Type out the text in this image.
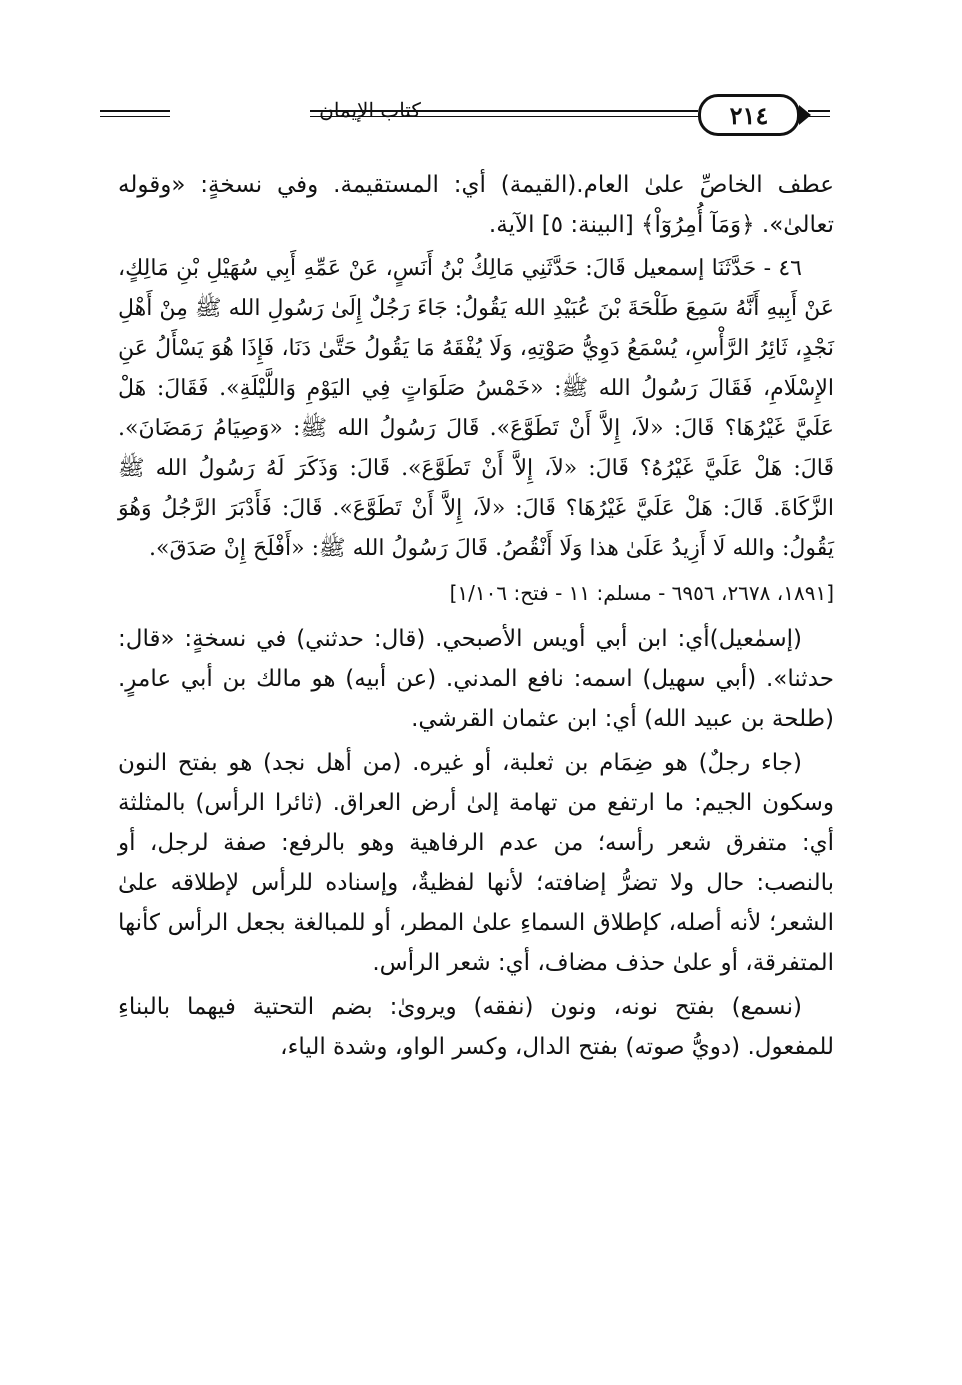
كتاب الإيمان	٢١٤

عطف الخاصِّ علىٰ العام.(القيمة) أي: المستقيمة. وفي نسخةٍ: «وقوله تعالىٰ». ﴿وَمَآ أُمِرُوٓاْ﴾ [البينة: ٥] الآية.

٤٦ - حَدَّثَنَا إسمعيل قَالَ: حَدَّثَنِي مَالِكُ بْنُ أَنَسٍ، عَنْ عَمِّهِ أَبِي سُهَيْلِ بْنِ مَالِكٍ، عَنْ أَبِيهِ أَنَّهُ سَمِعَ طَلْحَةَ بْنَ عُبَيْدِ الله يَقُولُ: جَاءَ رَجُلٌ إِلَىٰ رَسُولِ الله ﷺ مِنْ أَهْلِ نَجْدٍ، ثَائِرُ الرَّأْسِ، يُسْمَعُ دَوِيُّ صَوْتِهِ، وَلَا يُفْقَهُ مَا يَقُولُ حَتَّىٰ دَنَا، فَإِذَا هُوَ يَسْأَلُ عَنِ الإِسْلَامِ، فَقَالَ رَسُولُ الله ﷺ: «خَمْسُ صَلَوَاتٍ فِي اليَوْمِ وَاللَّيْلَةِ». فَقَالَ: هَلْ عَلَيَّ غَيْرُهَا؟ قَالَ: «لاَ، إِلاَّ أَنْ تَطَوَّعَ». قَالَ رَسُولُ الله ﷺ: «وَصِيَامُ رَمَضَانَ». قَالَ: هَلْ عَلَيَّ غَيْرُهُ؟ قَالَ: «لاَ، إِلاَّ أَنْ تَطَوَّعَ». قَالَ: وَذَكَرَ لَهُ رَسُولُ الله ﷺ الزَّكَاةَ. قَالَ: هَلْ عَلَيَّ غَيْرُهَا؟ قَالَ: «لاَ، إِلاَّ أَنْ تَطَوَّعَ». قَالَ: فَأَدْبَرَ الرَّجُلُ وَهُوَ يَقُولُ: والله لَا أَزِيدُ عَلَىٰ هذا وَلَا أَنْقُصُ. قَالَ رَسُولُ الله ﷺ: «أَفْلَحَ إِنْ صَدَقَ».

[١٨٩١، ٢٦٧٨، ٦٩٥٦ - مسلم: ١١ - فتح: ١/١٠٦]

(إسمٰعيل)أي: ابن أبي أويس الأصبحي. (قال: حدثني) في نسخةٍ: «قال: حدثنا». (أبي سهيل) اسمه: نافع المدني. (عن أبيه) هو مالك بن أبي عامرٍ. (طلحة بن عبيد الله) أي: ابن عثمان القرشي.

(جاء رجلٌ) هو ضِمَام بن ثعلبة، أو غيره. (من أهل نجد) هو بفتح النون وسكون الجيم: ما ارتفع من تهامة إلىٰ أرض العراق. (ثائرا الرأس) بالمثلثة أي: متفرق شعر رأسه؛ من عدم الرفاهية وهو بالرفع: صفة لرجل، أو بالنصب: حال ولا تضرُّ إضافته؛ لأنها لفظيةٌ، وإسناده للرأس لإطلاقه علىٰ الشعر؛ لأنه أصله، كإطلاق السماءِ علىٰ المطر، أو للمبالغة بجعل الرأس كأنها المتفرقة، أو علىٰ حذف مضاف، أي: شعر الرأس.

(نسمع) بفتح نونه، ونون (نفقه) ويروىٰ: بضم التحتية فيهما بالبناءِ للمفعول. (دويُّ صوته) بفتح الدال، وكسر الواو، وشدة الياء،
